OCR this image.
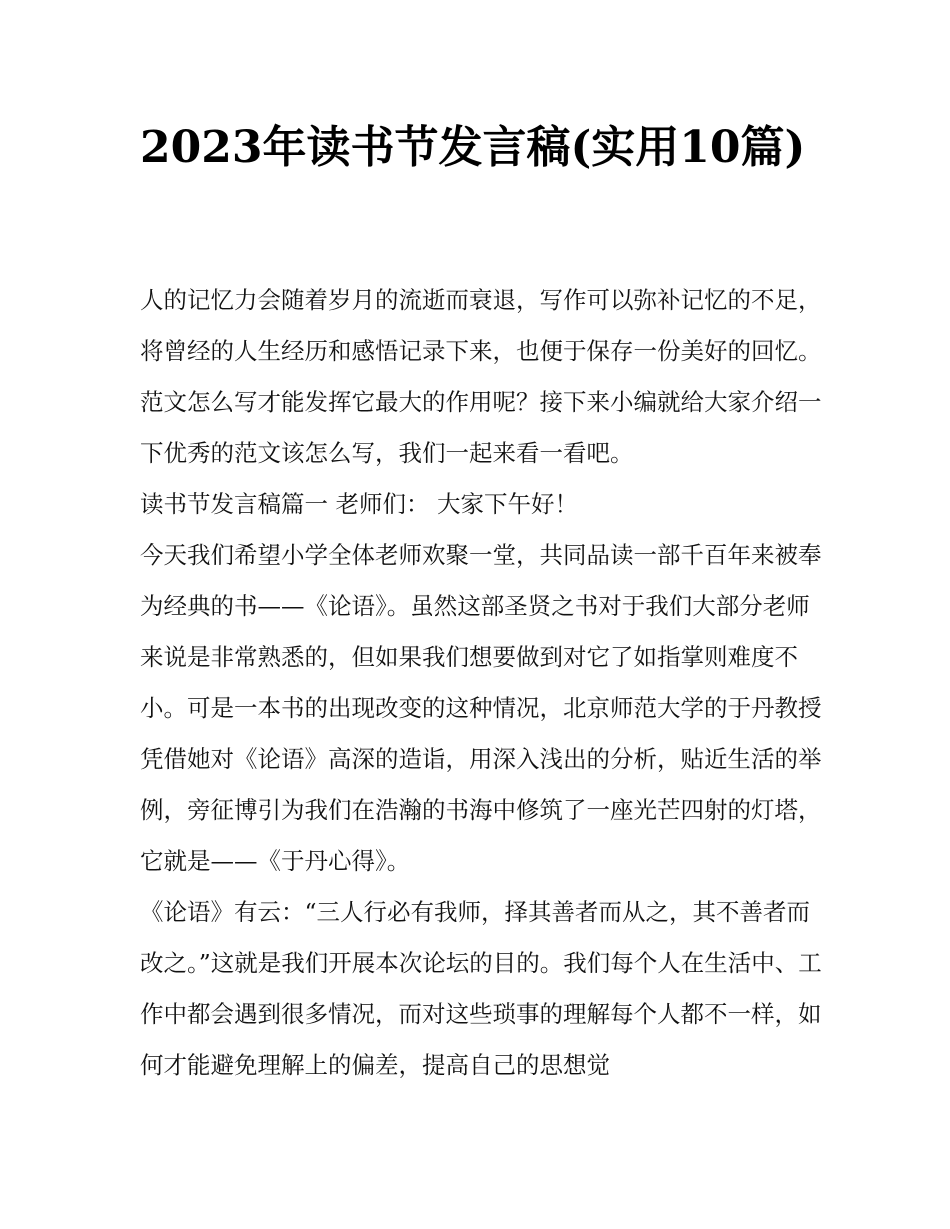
2023年读书节发言稿(实用10篇)

人的记忆力会随着岁月的流逝而衰退，写作可以弥补记忆的不足，将曾经的人生经历和感悟记录下来，也便于保存一份美好的回忆。范文怎么写才能发挥它最大的作用呢？接下来小编就给大家介绍一下优秀的范文该怎么写，我们一起来看一看吧。

读书节发言稿篇一 老师们： 大家下午好！

今天我们希望小学全体老师欢聚一堂，共同品读一部千百年来被奉为经典的书——《论语》。虽然这部圣贤之书对于我们大部分老师来说是非常熟悉的，但如果我们想要做到对它了如指掌则难度不小。可是一本书的出现改变的这种情况，北京师范大学的于丹教授凭借她对《论语》高深的造诣，用深入浅出的分析，贴近生活的举例，旁征博引为我们在浩瀚的书海中修筑了一座光芒四射的灯塔，它就是——《于丹心得》。

《论语》有云：“三人行必有我师，择其善者而从之，其不善者而改之。”这就是我们开展本次论坛的目的。我们每个人在生活中、工作中都会遇到很多情况，而对这些琐事的理解每个人都不一样，如何才能避免理解上的偏差，提高自己的思想觉
